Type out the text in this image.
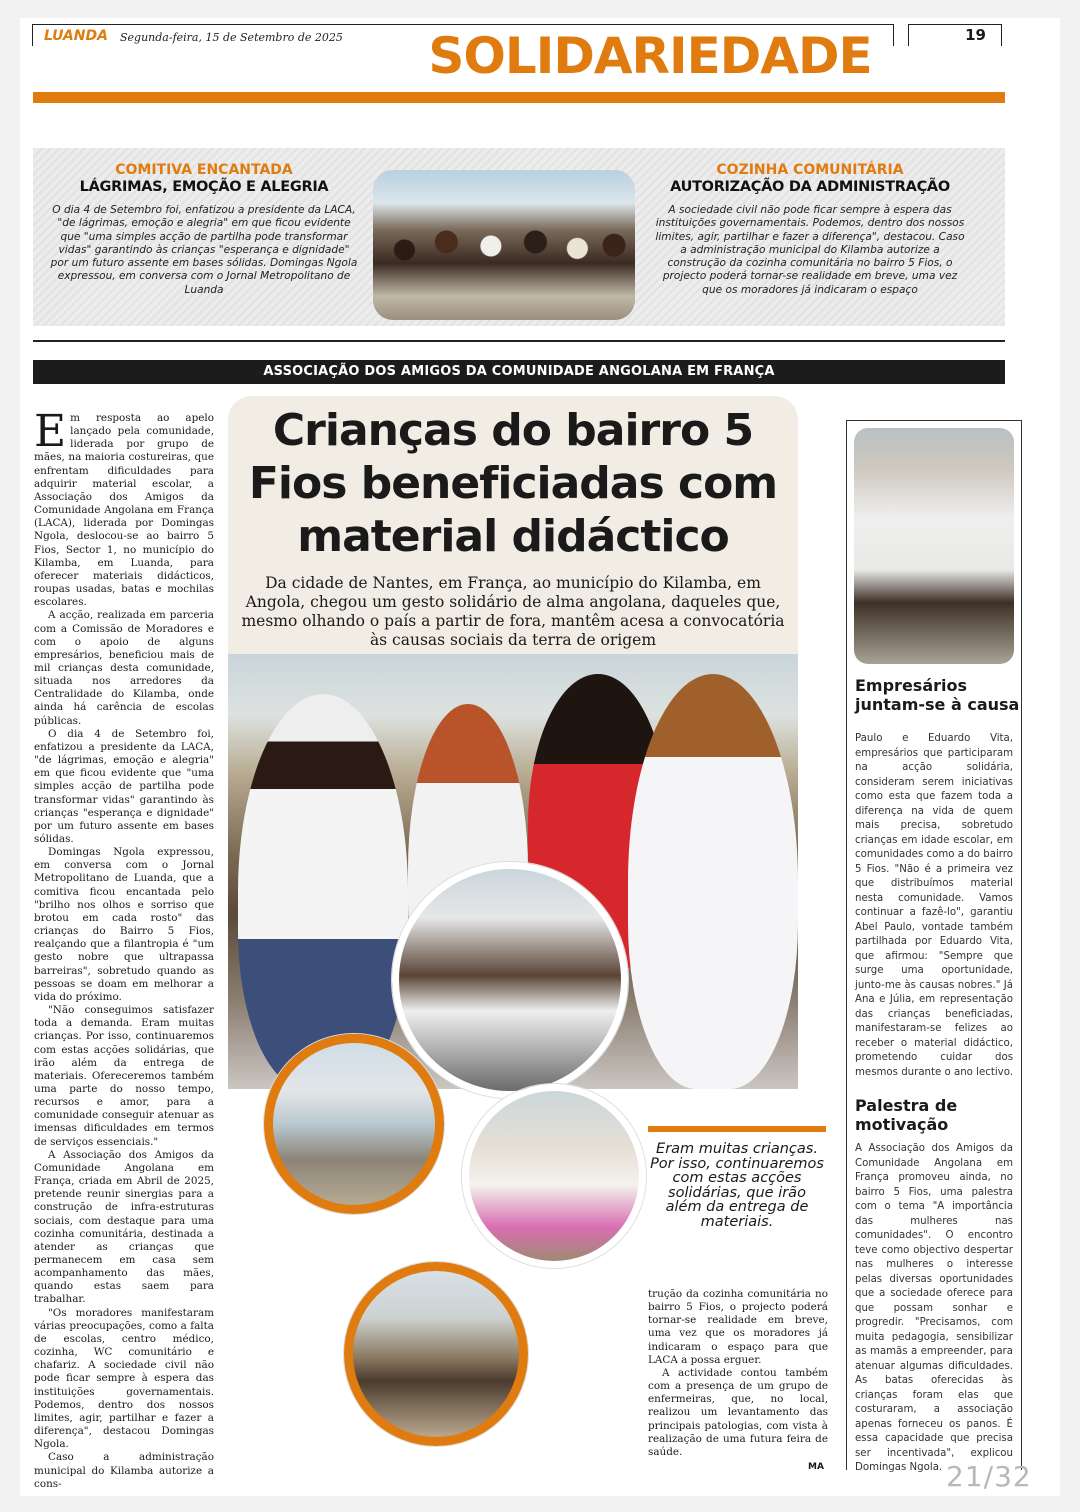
LUANDA Segunda-feira, 15 de Setembro de 2025 SOLIDARIEDADE	19
COMITIVA ENCANTADA
LÁGRIMAS, EMOÇÃO E ALEGRIA
O dia 4 de Setembro foi, enfatizou a presidente da LACA, "de lágrimas, emoção e alegria" em que ficou evidente que "uma simples acção de partilha pode transformar vidas" garantindo às crianças "esperança e dignidade" por um futuro assente em bases sólidas. Domingas Ngola expressou, em conversa com o Jornal Metropolitano de Luanda
COZINHA COMUNITÁRIA
AUTORIZAÇÃO DA ADMINISTRAÇÃO
A sociedade civil não pode ficar sempre à espera das instituições governamentais. Podemos, dentro dos nossos limites, agir, partilhar e fazer a diferença", destacou. Caso a administração municipal do Kilamba autorize a construção da cozinha comunitária no bairro 5 Fios, o projecto poderá tornar-se realidade em breve, uma vez que os moradores já indicaram o espaço
ASSOCIAÇÃO DOS AMIGOS DA COMUNIDADE ANGOLANA EM FRANÇA

Em resposta ao apelo lançado pela comunidade, liderada por grupo de mães, na maioria costureiras, que enfrentam dificuldades para adquirir material escolar, a Associação dos Amigos da Comunidade Angolana em França (LACA), liderada por Domingas Ngola, deslocou-se ao bairro 5 Fios, Sector 1, no município do Kilamba, em Luanda, para oferecer materiais didácticos, roupas usadas, batas e mochilas escolares.

A acção, realizada em parceria com a Comissão de Moradores e com o apoio de alguns empresários, beneficiou mais de mil crianças desta comunidade, situada nos arredores da Centralidade do Kilamba, onde ainda há carência de escolas públicas.

O dia 4 de Setembro foi, enfatizou a presidente da LACA, "de lágrimas, emoção e alegria" em que ficou evidente que "uma simples acção de partilha pode transformar vidas" garantindo às crianças "esperança e dignidade" por um futuro assente em bases sólidas.

Domingas Ngola expressou, em conversa com o Jornal Metropolitano de Luanda, que a comitiva ficou encantada pelo "brilho nos olhos e sorriso que brotou em cada rosto" das crianças do Bairro 5 Fios, realçando que a filantropia é "um gesto nobre que ultrapassa barreiras", sobretudo quando as pessoas se doam em melhorar a vida do próximo.

"Não conseguimos satisfazer toda a demanda. Eram muitas crianças. Por isso, continuaremos com estas acções solidárias, que irão além da entrega de materiais. Ofereceremos também uma parte do nosso tempo, recursos e amor, para a comunidade conseguir atenuar as imensas dificuldades em termos de serviços essenciais."

A Associação dos Amigos da Comunidade Angolana em França, criada em Abril de 2025, pretende reunir sinergias para a construção de infra-estruturas sociais, com destaque para uma cozinha comunitária, destinada a atender as crianças que permanecem em casa sem acompanhamento das mães, quando estas saem para trabalhar.

"Os moradores manifestaram várias preocupações, como a falta de escolas, centro médico, cozinha, WC comunitário e chafariz. A sociedade civil não pode ficar sempre à espera das instituições governamentais. Podemos, dentro dos nossos limites, agir, partilhar e fazer a diferença", destacou Domingas Ngola.

Caso a administração municipal do Kilamba autorize a cons-

Crianças do bairro 5 Fios beneficiadas com material didáctico
Da cidade de Nantes, em França, ao município do Kilamba, em Angola, chegou um gesto solidário de alma angolana, daqueles que, mesmo olhando o país a partir de fora, mantêm acesa a convocatória às causas sociais da terra de origem
Eram muitas crianças. Por isso, continuaremos com estas acções solidárias, que irão além da entrega de materiais.

trução da cozinha comunitária no bairro 5 Fios, o projecto poderá tornar-se realidade em breve, uma vez que os moradores já indicaram o espaço para que LACA a possa erguer.

A actividade contou também com a presença de um grupo de enfermeiras, que, no local, realizou um levantamento das principais patologias, com vista à realização de uma futura feira de saúde.

MA
Empresários juntam-se à causa
Paulo e Eduardo Vita, empresários que participaram na acção solidária, consideram serem iniciativas como esta que fazem toda a diferença na vida de quem mais precisa, sobretudo crianças em idade escolar, em comunidades como a do bairro 5 Fios. "Não é a primeira vez que distribuímos material nesta comunidade. Vamos continuar a fazê-lo", garantiu Abel Paulo, vontade também partilhada por Eduardo Vita, que afirmou: "Sempre que surge uma oportunidade, junto-me às causas nobres." Já Ana e Júlia, em representação das crianças beneficiadas, manifestaram-se felizes ao receber o material didáctico, prometendo cuidar dos mesmos durante o ano lectivo.
Palestra de motivação
A Associação dos Amigos da Comunidade Angolana em França promoveu ainda, no bairro 5 Fios, uma palestra com o tema "A importância das mulheres nas comunidades". O encontro teve como objectivo despertar nas mulheres o interesse pelas diversas oportunidades que a sociedade oferece para que possam sonhar e progredir. "Precisamos, com muita pedagogia, sensibilizar as mamãs a empreender, para atenuar algumas dificuldades. As batas oferecidas às crianças foram elas que costuraram, a associação apenas forneceu os panos. É essa capacidade que precisa ser incentivada", explicou Domingas Ngola. 21/32
